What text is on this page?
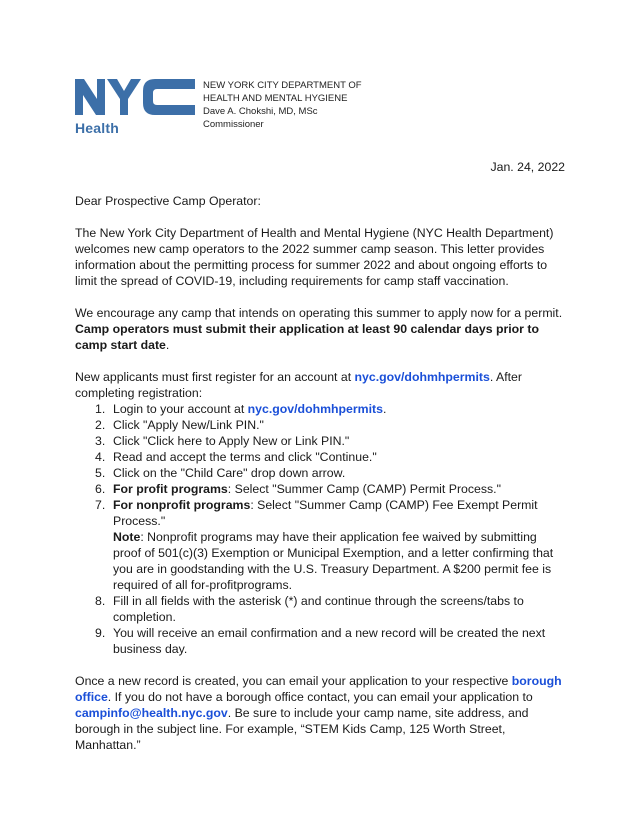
Health
NEW YORK CITY DEPARTMENT OF
HEALTH AND MENTAL HYGIENE
Dave A. Chokshi, MD, MSc
Commissioner
Jan. 24, 2022
Dear Prospective Camp Operator:
The New York City Department of Health and Mental Hygiene (NYC Health Department) welcomes new camp operators to the 2022 summer camp season. This letter provides information about the permitting process for summer 2022 and about ongoing efforts to limit the spread of COVID-19, including requirements for camp staff vaccination.
We encourage any camp that intends on operating this summer to apply now for a permit. Camp operators must submit their application at least 90 calendar days prior to camp start date.
New applicants must first register for an account at nyc.gov/dohmhpermits. After completing registration:
1. Login to your account at nyc.gov/dohmhpermits.
2. Click "Apply New/Link PIN."
3. Click "Click here to Apply New or Link PIN."
4. Read and accept the terms and click "Continue."
5. Click on the "Child Care" drop down arrow.
6. For profit programs: Select "Summer Camp (CAMP) Permit Process."
7. For nonprofit programs: Select "Summer Camp (CAMP) Fee Exempt Permit Process."
Note: Nonprofit programs may have their application fee waived by submitting proof of 501(c)(3) Exemption or Municipal Exemption, and a letter confirming that you are in goodstanding with the U.S. Treasury Department. A $200 permit fee is required of all for-profitprograms.
8. Fill in all fields with the asterisk (*) and continue through the screens/tabs to completion.
9. You will receive an email confirmation and a new record will be created the next business day.
Once a new record is created, you can email your application to your respective borough office. If you do not have a borough office contact, you can email your application to campinfo@health.nyc.gov. Be sure to include your camp name, site address, and borough in the subject line. For example, “STEM Kids Camp, 125 Worth Street, Manhattan.”
